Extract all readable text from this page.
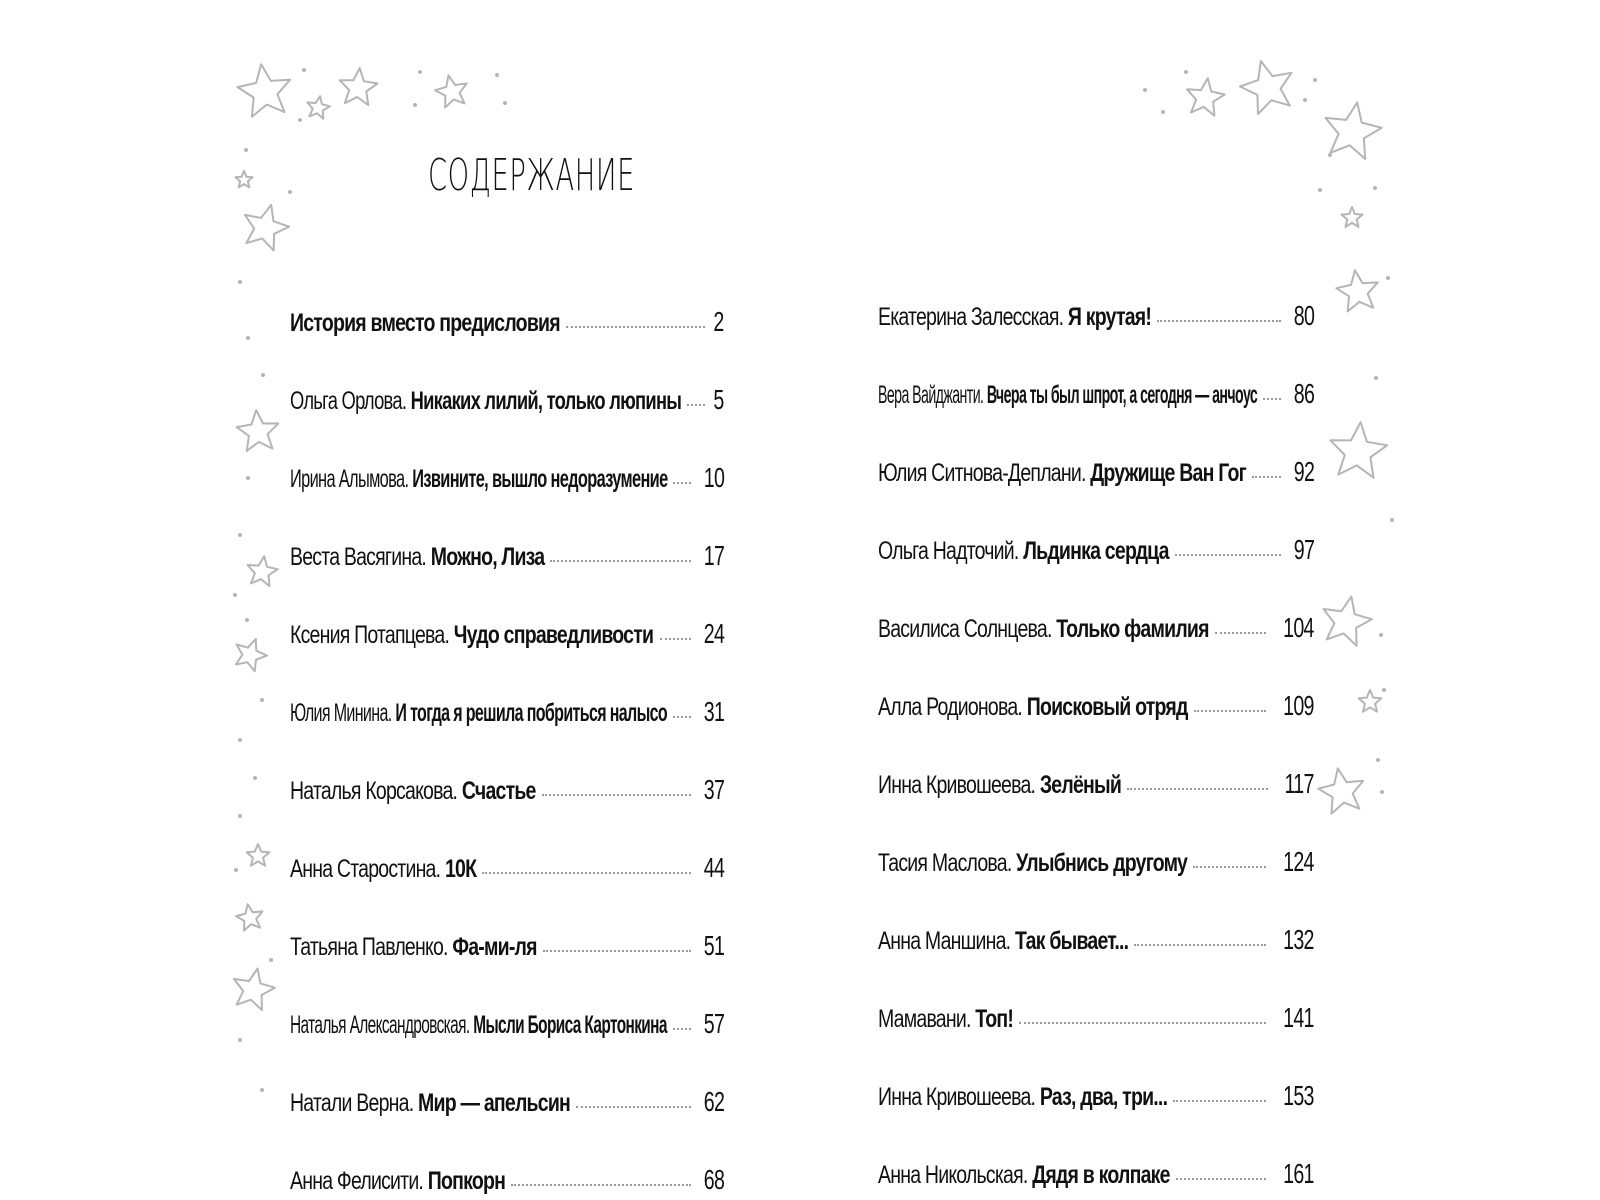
СОДЕРЖАНИЕ
История вместо предисловия	2
Ольга Орлова. Никаких лилий, только люпины 5
Ирина Алымова. Извините, вышло недоразумение 10
Веста Васягина. Можно, Лиза	17
Ксения Потапцева. Чудо справедливости 24
Юлия Минина. И тогда я решила побриться налысо 31
Наталья Корсакова. Счастье	37
Анна Старостина. 10К	44
Татьяна Павленко. Фа-ми-ля	51
Наталья Александровская. Мысли Бориса Картонкина 57
Натали Верна. Мир — апельсин	62
Анна Фелисити. Попкорн	68
Екатерина Залесская. Я крутая!	80
Вера Вайджанти. Вчера ты был шпрот, а сегодня — анчоус 86
Юлия Ситнова-Деплани. Дружище Ван Гог 92
Ольга Надточий. Льдинка сердца	97
Василиса Солнцева. Только фамилия	104
Алла Родионова. Поисковый отряд	109
Инна Кривошеева. Зелёный	117
Тасия Маслова. Улыбнись другому	124
Анна Маншина. Так бывает...	132
Мамавани. Топ!	141
Инна Кривошеева. Раз, два, три...	153
Анна Никольская. Дядя в колпаке	161
